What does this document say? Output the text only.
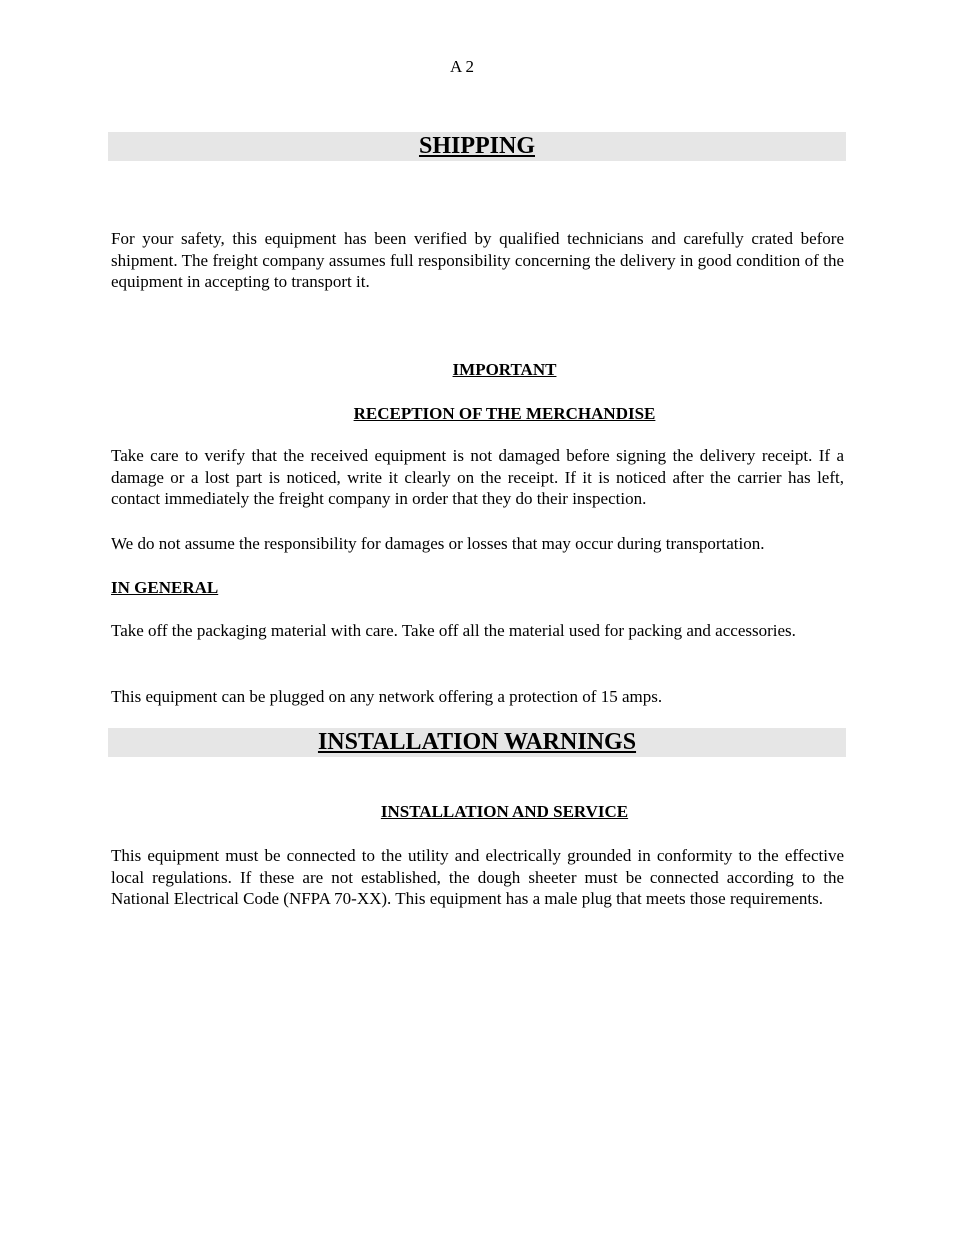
A 2
SHIPPING
For your safety, this equipment has been verified by qualified technicians and carefully crated before shipment. The freight company assumes full responsibility concerning the delivery in good condition of the equipment in accepting to transport it.
IMPORTANT
RECEPTION OF THE MERCHANDISE
Take care to verify that the received equipment is not damaged before signing the delivery receipt. If a damage or a lost part is noticed, write it clearly on the receipt. If it is noticed after the carrier has left, contact immediately the freight company in order that they do their inspection.
We do not assume the responsibility for damages or losses that may occur during transportation.
IN GENERAL
Take off the packaging material with care. Take off all the material used for packing and accessories.
This equipment can be plugged on any network offering a protection of 15 amps.
INSTALLATION WARNINGS
INSTALLATION AND SERVICE
This equipment must be connected to the utility and electrically grounded in conformity to the effective local regulations. If these are not established, the dough sheeter must be connected according to the National Electrical Code (NFPA 70-XX). This equipment has a male plug that meets those requirements.
